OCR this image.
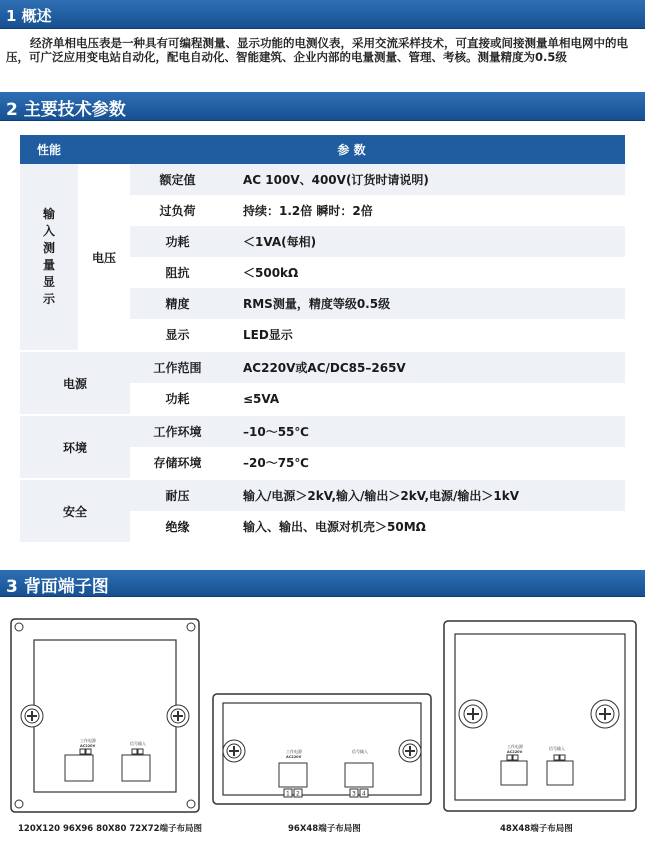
1 概述
经济单相电压表是一种具有可编程测量、显示功能的电测仪表，采用交流采样技术，可直接或间接测量单相电网中的电压，可广泛应用变电站自动化，配电自动化、智能建筑、企业内部的电量测量、管理、考核。测量精度为0.5级
2 主要技术参数
性能	参 数		
输入测量显示	电压	额定值	AC 100V、400V(订货时请说明)
		过负荷	持续：1.2倍 瞬时：2倍
		功耗	＜1VA(每相)
		阻抗	＜500kΩ
		精度	RMS测量，精度等级0.5级
		显示	LED显示
电源		工作范围	AC220V或AC/DC85–265V
		功耗	≤5VA
环境		工作环境	–10～55℃
		存储环境	–20～75℃
安全		耐压	输入/电源＞2kV,输入/输出＞2kV,电源/输出＞1kV
		绝缘	输入、输出、电源对机壳＞50MΩ
3 背面端子图
工作电源
AC220V	信号输入
120X120 96X96 80X80 72X72端子布局图
工作电源
AC220V
1 2
信号输入
3 4
96X48端子布局图
工作电源
AC220V
信号输入
48X48端子布局图
